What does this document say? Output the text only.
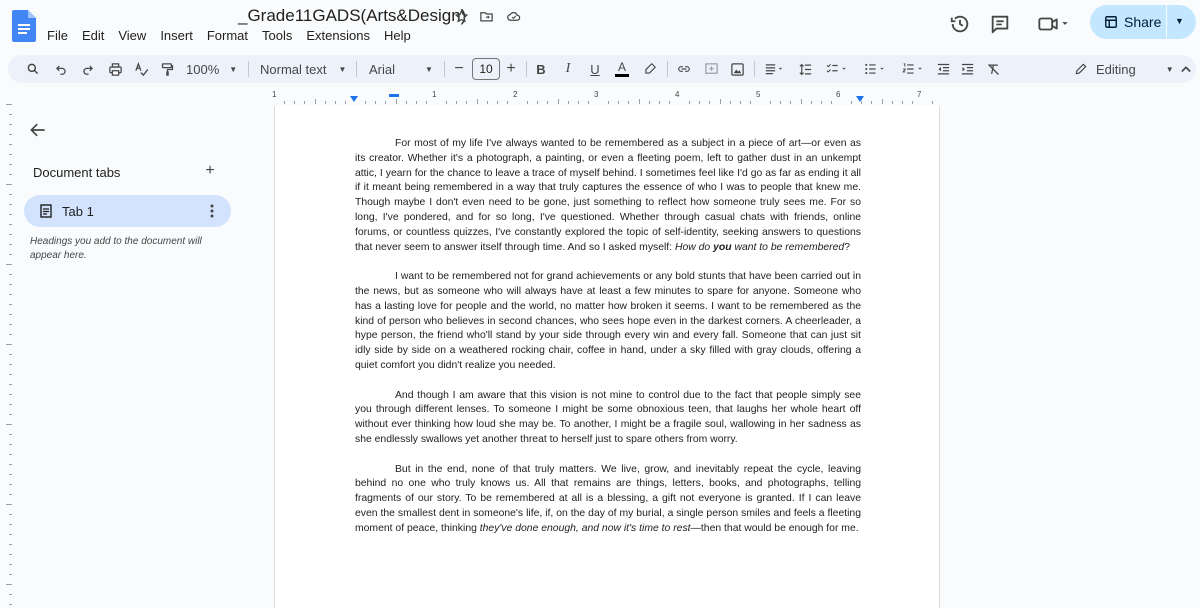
_Grade11GADS(Arts&Design)
File	Edit	View	Insert	Format	Tools	Extensions	Help
Share ▼
100% ▼ Normal text ▼ Arial	▼ −	10 + B	I	U A	Editing	▼
1	1	2	3	4	5	6	7
Document tabs	+
Tab 1
Headings you add to the document will appear here.

For most of my life I've always wanted to be remembered as a subject in a piece of art—or even as its creator. Whether it's a photograph, a painting, or even a fleeting poem, left to gather dust in an unkempt attic, I yearn for the chance to leave a trace of myself behind. I sometimes feel like I'd go as far as ending it all if it meant being remembered in a way that truly captures the essence of who I was to people that knew me. Though maybe I don't even need to be gone, just something to reflect how someone truly sees me. For so long, I've pondered, and for so long, I've questioned. Whether through casual chats with friends, online forums, or countless quizzes, I've constantly explored the topic of self-identity, seeking answers to questions that never seem to answer itself through time. And so I asked myself: How do you want to be remembered?

I want to be remembered not for grand achievements or any bold stunts that have been carried out in the news, but as someone who will always have at least a few minutes to spare for anyone. Someone who has a lasting love for people and the world, no matter how broken it seems. I want to be remembered as the kind of person who believes in second chances, who sees hope even in the darkest corners. A cheerleader, a hype person, the friend who'll stand by your side through every win and every fall. Someone that can just sit idly side by side on a weathered rocking chair, coffee in hand, under a sky filled with gray clouds, offering a quiet comfort you didn't realize you needed.

And though I am aware that this vision is not mine to control due to the fact that people simply see you through different lenses. To someone I might be some obnoxious teen, that laughs her whole heart off without ever thinking how loud she may be. To another, I might be a fragile soul, wallowing in her sadness as she endlessly swallows yet another threat to herself just to spare others from worry.

But in the end, none of that truly matters. We live, grow, and inevitably repeat the cycle, leaving behind no one who truly knows us. All that remains are things, letters, books, and photographs, telling fragments of our story. To be remembered at all is a blessing, a gift not everyone is granted. If I can leave even the smallest dent in someone's life, if, on the day of my burial, a single person smiles and feels a fleeting moment of peace, thinking they've done enough, and now it's time to rest—then that would be enough for me.
